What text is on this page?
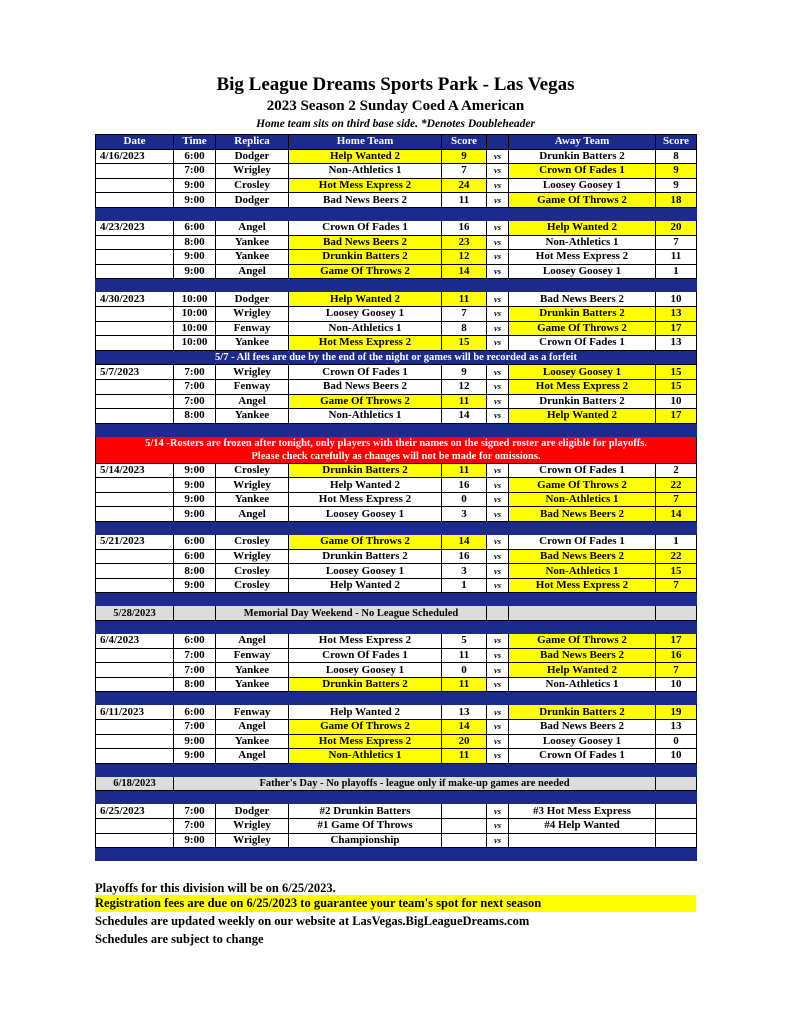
Big League Dreams Sports Park - Las Vegas
2023 Season 2 Sunday Coed A American
Home team sits on third base side. *Denotes Doubleheader
Date	Time	Replica	Home Team	Score		Away Team	Score
4/16/2023	6:00	Dodger	Help Wanted 2	9	vs	Drunkin Batters 2	8
	7:00	Wrigley	Non-Athletics 1	7	vs	Crown Of Fades 1	9
	9:00	Crosley	Hot Mess Express 2	24	vs	Loosey Goosey 1	9
	9:00	Dodger	Bad News Beers 2	11	vs	Game Of Throws 2	18

4/23/2023	6:00	Angel	Crown Of Fades 1	16	vs	Help Wanted 2	20
	8:00	Yankee	Bad News Beers 2	23	vs	Non-Athletics 1	7
	9:00	Yankee	Drunkin Batters 2	12	vs	Hot Mess Express 2	11
	9:00	Angel	Game Of Throws 2	14	vs	Loosey Goosey 1	1

4/30/2023	10:00	Dodger	Help Wanted 2	11	vs	Bad News Beers 2	10
	10:00	Wrigley	Loosey Goosey 1	7	vs	Drunkin Batters 2	13
	10:00	Fenway	Non-Athletics 1	8	vs	Game Of Throws 2	17
	10:00	Yankee	Hot Mess Express 2	15	vs	Crown Of Fades 1	13
5/7 - All fees are due by the end of the night or games will be recorded as a forfeit							
5/7/2023	7:00	Wrigley	Crown Of Fades 1	9	vs	Loosey Goosey 1	15
	7:00	Fenway	Bad News Beers 2	12	vs	Hot Mess Express 2	15
	7:00	Angel	Game Of Throws 2	11	vs	Drunkin Batters 2	10
	8:00	Yankee	Non-Athletics 1	14	vs	Help Wanted 2	17

5/14 -Rosters are frozen after tonight, only players with their names on the signed roster are eligible for playoffs.							
Please check carefully as changes will not be made for omissions.							
5/14/2023	9:00	Crosley	Drunkin Batters 2	11	vs	Crown Of Fades 1	2
	9:00	Wrigley	Help Wanted 2	16	vs	Game Of Throws 2	22
	9:00	Yankee	Hot Mess Express 2	0	vs	Non-Athletics 1	7
	9:00	Angel	Loosey Goosey 1	3	vs	Bad News Beers 2	14

5/21/2023	6:00	Crosley	Game Of Throws 2	14	vs	Crown Of Fades 1	1
	6:00	Wrigley	Drunkin Batters 2	16	vs	Bad News Beers 2	22
	8:00	Crosley	Loosey Goosey 1	3	vs	Non-Athletics 1	15
	9:00	Crosley	Help Wanted 2	1	vs	Hot Mess Express 2	7

5/28/2023		Memorial Day Weekend - No League Scheduled					

6/4/2023	6:00	Angel	Hot Mess Express 2	5	vs	Game Of Throws 2	17
	7:00	Fenway	Crown Of Fades 1	11	vs	Bad News Beers 2	16
	7:00	Yankee	Loosey Goosey 1	0	vs	Help Wanted 2	7
	8:00	Yankee	Drunkin Batters 2	11	vs	Non-Athletics 1	10

6/11/2023	6:00	Fenway	Help Wanted 2	13	vs	Drunkin Batters 2	19
	7:00	Angel	Game Of Throws 2	14	vs	Bad News Beers 2	13
	9:00	Yankee	Hot Mess Express 2	20	vs	Loosey Goosey 1	0
	9:00	Angel	Non-Athletics 1	11	vs	Crown Of Fades 1	10

6/18/2023	Father's Day - No playoffs - league only if make-up games are needed						

6/25/2023	7:00	Dodger	#2 Drunkin Batters		vs	#3 Hot Mess Express	
	7:00	Wrigley	#1 Game Of Throws		vs	#4 Help Wanted	
	9:00	Wrigley	Championship		vs		

Playoffs for this division will be on 6/25/2023.
Registration fees are due on 6/25/2023 to guarantee your team's spot for next season
Schedules are updated weekly on our website at LasVegas.BigLeagueDreams.com
Schedules are subject to change
